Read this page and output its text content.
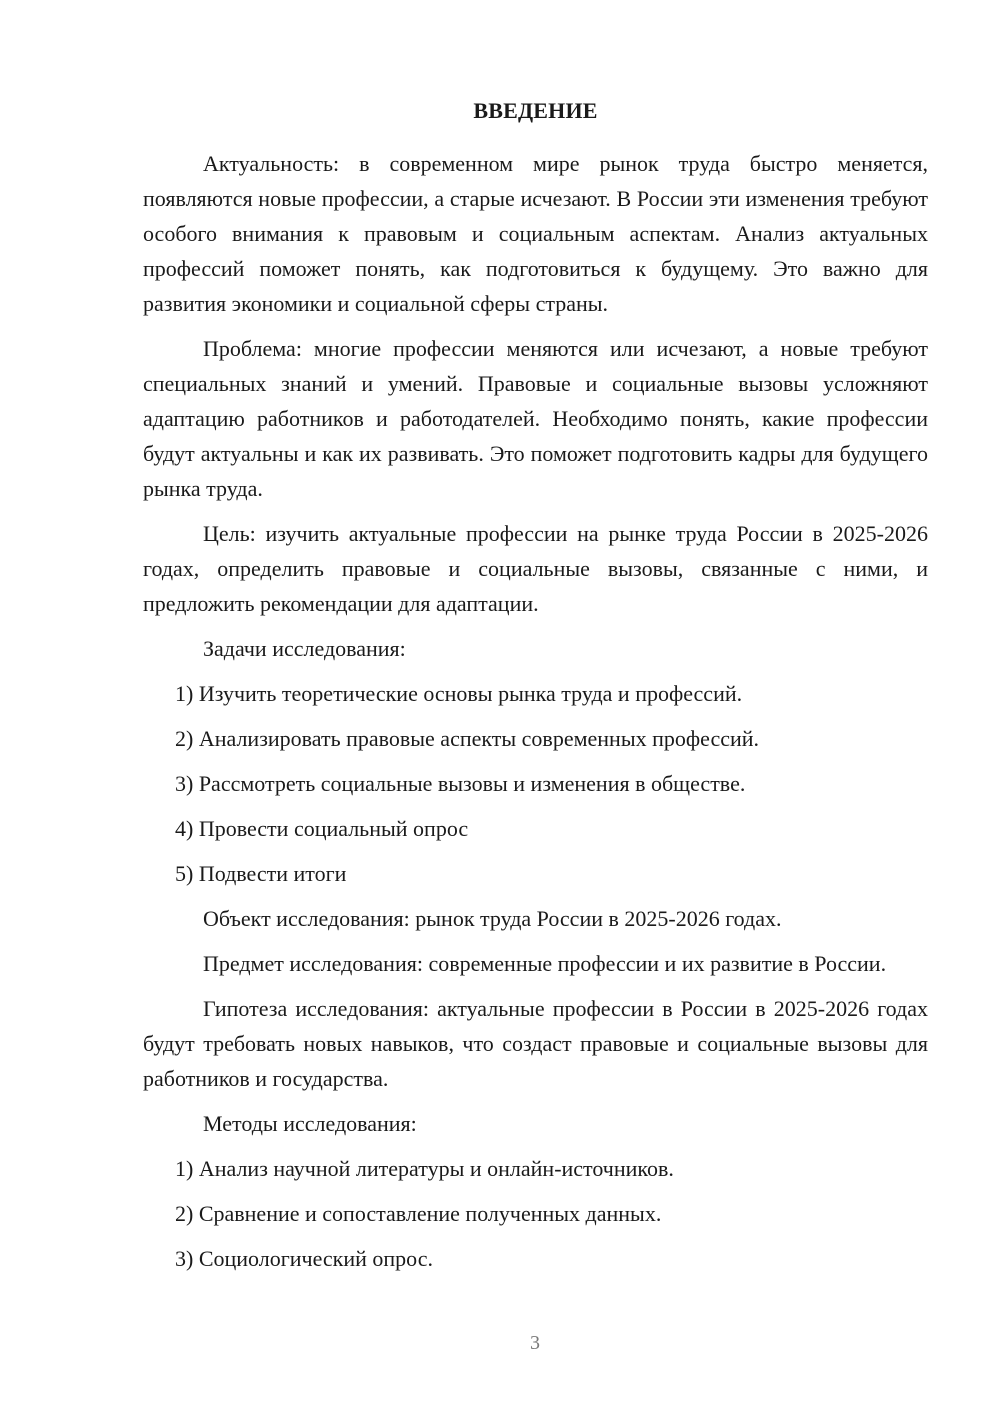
ВВЕДЕНИЕ

Актуальность: в современном мире рынок труда быстро меняется, появляются новые профессии, а старые исчезают. В России эти изменения требуют особого внимания к правовым и социальным аспектам. Анализ актуальных профессий поможет понять, как подготовиться к будущему. Это важно для развития экономики и социальной сферы страны.

Проблема: многие профессии меняются или исчезают, а новые требуют специальных знаний и умений. Правовые и социальные вызовы усложняют адаптацию работников и работодателей. Необходимо понять, какие профессии будут актуальны и как их развивать. Это поможет подготовить кадры для будущего рынка труда.

Цель: изучить актуальные профессии на рынке труда России в 2025-2026 годах, определить правовые и социальные вызовы, связанные с ними, и предложить рекомендации для адаптации.

Задачи исследования:

1) Изучить теоретические основы рынка труда и профессий.
2) Анализировать правовые аспекты современных профессий.
3) Рассмотреть социальные вызовы и изменения в обществе.
4) Провести социальный опрос
5) Подвести итоги

Объект исследования: рынок труда России в 2025-2026 годах.

Предмет исследования: современные профессии и их развитие в России.

Гипотеза исследования: актуальные профессии в России в 2025-2026 годах будут требовать новых навыков, что создаст правовые и социальные вызовы для работников и государства.

Методы исследования:

1) Анализ научной литературы и онлайн-источников.
2) Сравнение и сопоставление полученных данных.
3) Социологический опрос.
3
